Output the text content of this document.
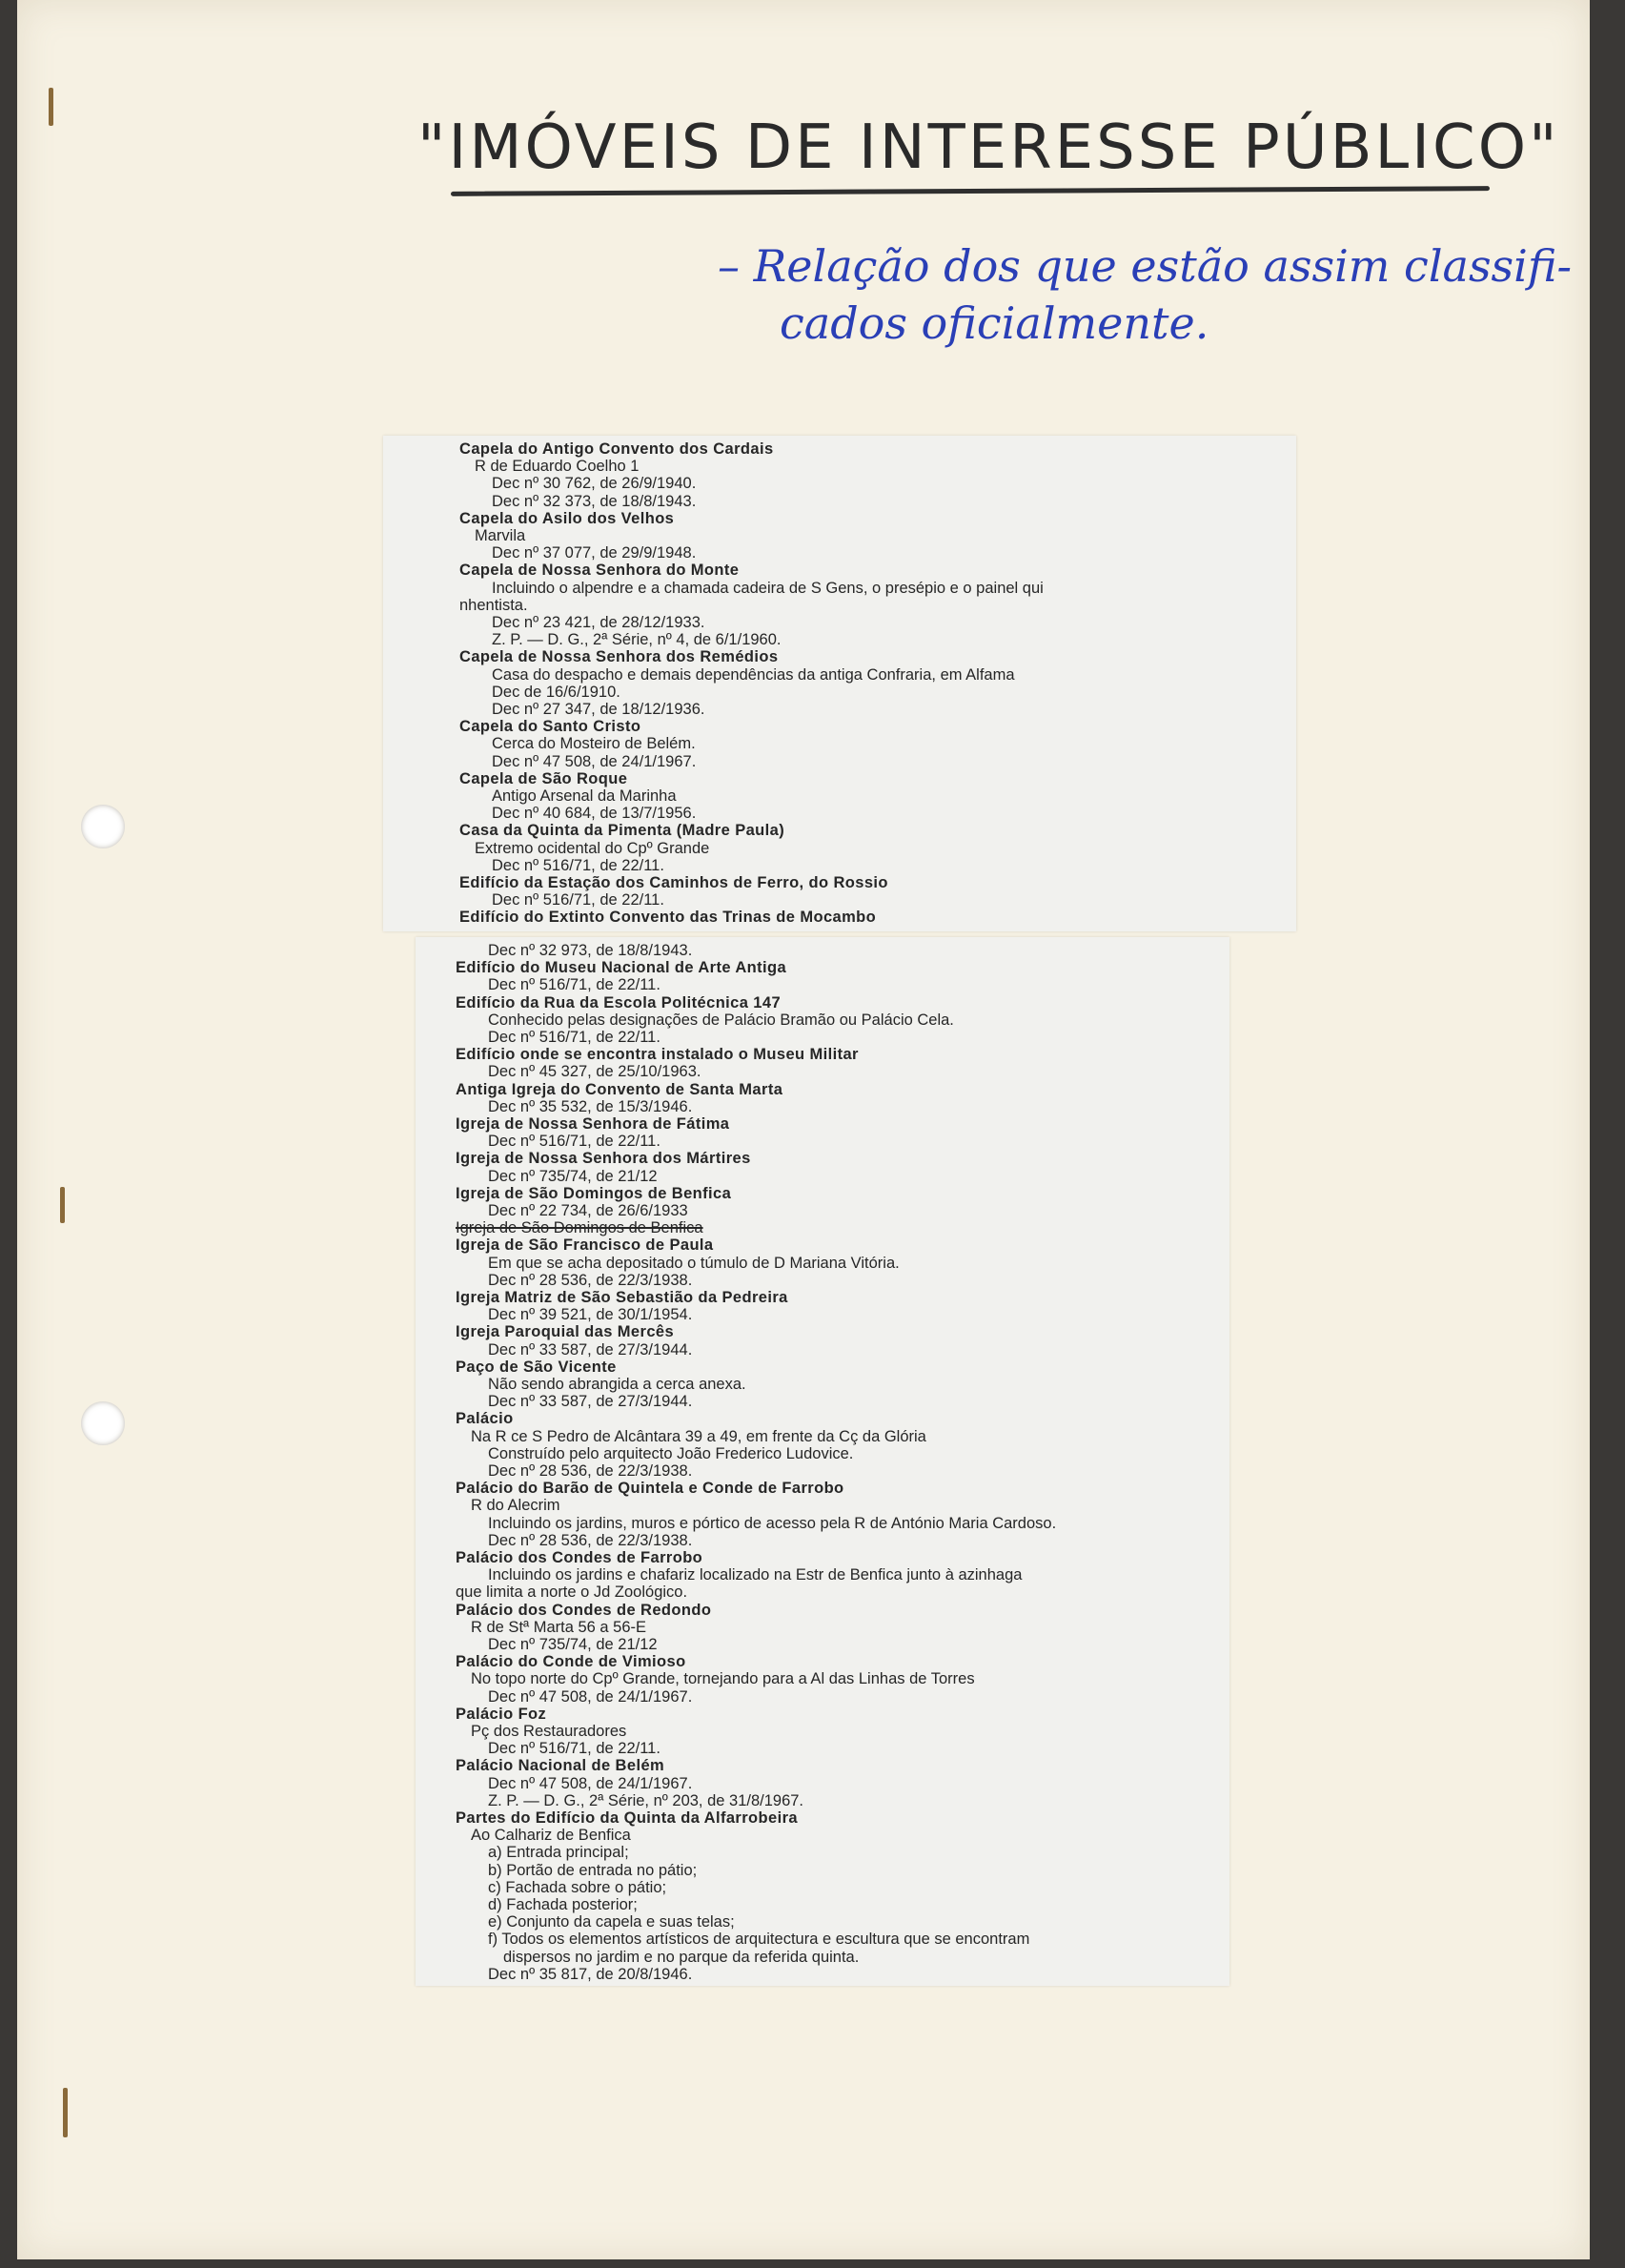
"IMÓVEIS DE INTERESSE PÚBLICO"
– Relação dos que estão assim classifi-
cados oficialmente.
Capela do Antigo Convento dos Cardais
R de Eduardo Coelho 1
Dec nº 30 762, de 26/9/1940.
Dec nº 32 373, de 18/8/1943.
Capela do Asilo dos Velhos
Marvila
Dec nº 37 077, de 29/9/1948.
Capela de Nossa Senhora do Monte
Incluindo o alpendre e a chamada cadeira de S Gens, o presépio e o painel qui
nhentista.
Dec nº 23 421, de 28/12/1933.
Z. P. — D. G., 2ª Série, nº 4, de 6/1/1960.
Capela de Nossa Senhora dos Remédios
Casa do despacho e demais dependências da antiga Confraria, em Alfama
Dec de 16/6/1910.
Dec nº 27 347, de 18/12/1936.
Capela do Santo Cristo
Cerca do Mosteiro de Belém.
Dec nº 47 508, de 24/1/1967.
Capela de São Roque
Antigo Arsenal da Marinha
Dec nº 40 684, de 13/7/1956.
Casa da Quinta da Pimenta (Madre Paula)
Extremo ocidental do Cpº Grande
Dec nº 516/71, de 22/11.
Edifício da Estação dos Caminhos de Ferro, do Rossio
Dec nº 516/71, de 22/11.
Edifício do Extinto Convento das Trinas de Mocambo
Dec nº 32 973, de 18/8/1943.
Edifício do Museu Nacional de Arte Antiga
Dec nº 516/71, de 22/11.
Edifício da Rua da Escola Politécnica 147
Conhecido pelas designações de Palácio Bramão ou Palácio Cela.
Dec nº 516/71, de 22/11.
Edifício onde se encontra instalado o Museu Militar
Dec nº 45 327, de 25/10/1963.
Antiga Igreja do Convento de Santa Marta
Dec nº 35 532, de 15/3/1946.
Igreja de Nossa Senhora de Fátima
Dec nº 516/71, de 22/11.
Igreja de Nossa Senhora dos Mártires
Dec nº 735/74, de 21/12
Igreja de São Domingos de Benfica
Dec nº 22 734, de 26/6/1933
Igreja de São Domingos de Benfica
Igreja de São Francisco de Paula
Em que se acha depositado o túmulo de D Mariana Vitória.
Dec nº 28 536, de 22/3/1938.
Igreja Matriz de São Sebastião da Pedreira
Dec nº 39 521, de 30/1/1954.
Igreja Paroquial das Mercês
Dec nº 33 587, de 27/3/1944.
Paço de São Vicente
Não sendo abrangida a cerca anexa.
Dec nº 33 587, de 27/3/1944.
Palácio
Na R ce S Pedro de Alcântara 39 a 49, em frente da Cç da Glória
Construído pelo arquitecto João Frederico Ludovice.
Dec nº 28 536, de 22/3/1938.
Palácio do Barão de Quintela e Conde de Farrobo
R do Alecrim
Incluindo os jardins, muros e pórtico de acesso pela R de António Maria Cardoso.
Dec nº 28 536, de 22/3/1938.
Palácio dos Condes de Farrobo
Incluindo os jardins e chafariz localizado na Estr de Benfica junto à azinhaga
que limita a norte o Jd Zoológico.
Palácio dos Condes de Redondo
R de Stª Marta 56 a 56-E
Dec nº 735/74, de 21/12
Palácio do Conde de Vimioso
No topo norte do Cpº Grande, tornejando para a Al das Linhas de Torres
Dec nº 47 508, de 24/1/1967.
Palácio Foz
Pç dos Restauradores
Dec nº 516/71, de 22/11.
Palácio Nacional de Belém
Dec nº 47 508, de 24/1/1967.
Z. P. — D. G., 2ª Série, nº 203, de 31/8/1967.
Partes do Edifício da Quinta da Alfarrobeira
Ao Calhariz de Benfica
a) Entrada principal;
b) Portão de entrada no pátio;
c) Fachada sobre o pátio;
d) Fachada posterior;
e) Conjunto da capela e suas telas;
f) Todos os elementos artísticos de arquitectura e escultura que se encontram
dispersos no jardim e no parque da referida quinta.
Dec nº 35 817, de 20/8/1946.
